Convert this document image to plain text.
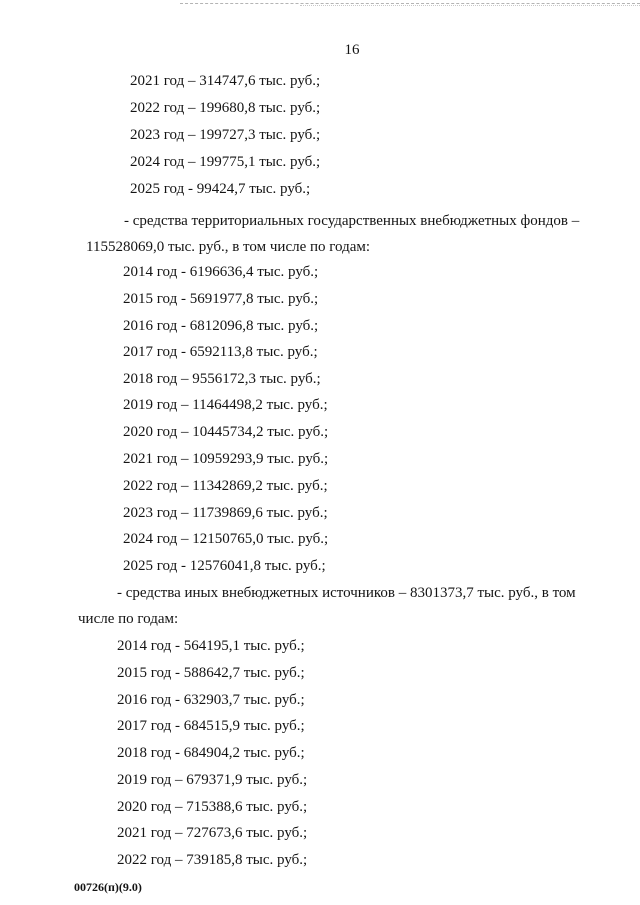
16
2021 год – 314747,6 тыс. руб.;
2022 год – 199680,8 тыс. руб.;
2023 год – 199727,3 тыс. руб.;
2024 год – 199775,1 тыс. руб.;
2025 год - 99424,7 тыс. руб.;
- средства территориальных государственных внебюджетных фондов –
115528069,0 тыс. руб., в том числе по годам:
2014 год - 6196636,4 тыс. руб.;
2015 год - 5691977,8 тыс. руб.;
2016 год - 6812096,8 тыс. руб.;
2017 год - 6592113,8 тыс. руб.;
2018 год – 9556172,3 тыс. руб.;
2019 год – 11464498,2 тыс. руб.;
2020 год – 10445734,2 тыс. руб.;
2021 год – 10959293,9 тыс. руб.;
2022 год – 11342869,2 тыс. руб.;
2023 год – 11739869,6 тыс. руб.;
2024 год – 12150765,0 тыс. руб.;
2025 год - 12576041,8 тыс. руб.;
- средства иных внебюджетных источников – 8301373,7 тыс. руб., в том
числе по годам:
2014 год - 564195,1 тыс. руб.;
2015 год - 588642,7 тыс. руб.;
2016 год - 632903,7 тыс. руб.;
2017 год - 684515,9 тыс. руб.;
2018 год - 684904,2 тыс. руб.;
2019 год – 679371,9 тыс. руб.;
2020 год – 715388,6 тыс. руб.;
2021 год – 727673,6 тыс. руб.;
2022 год – 739185,8 тыс. руб.;
00726(п)(9.0)
